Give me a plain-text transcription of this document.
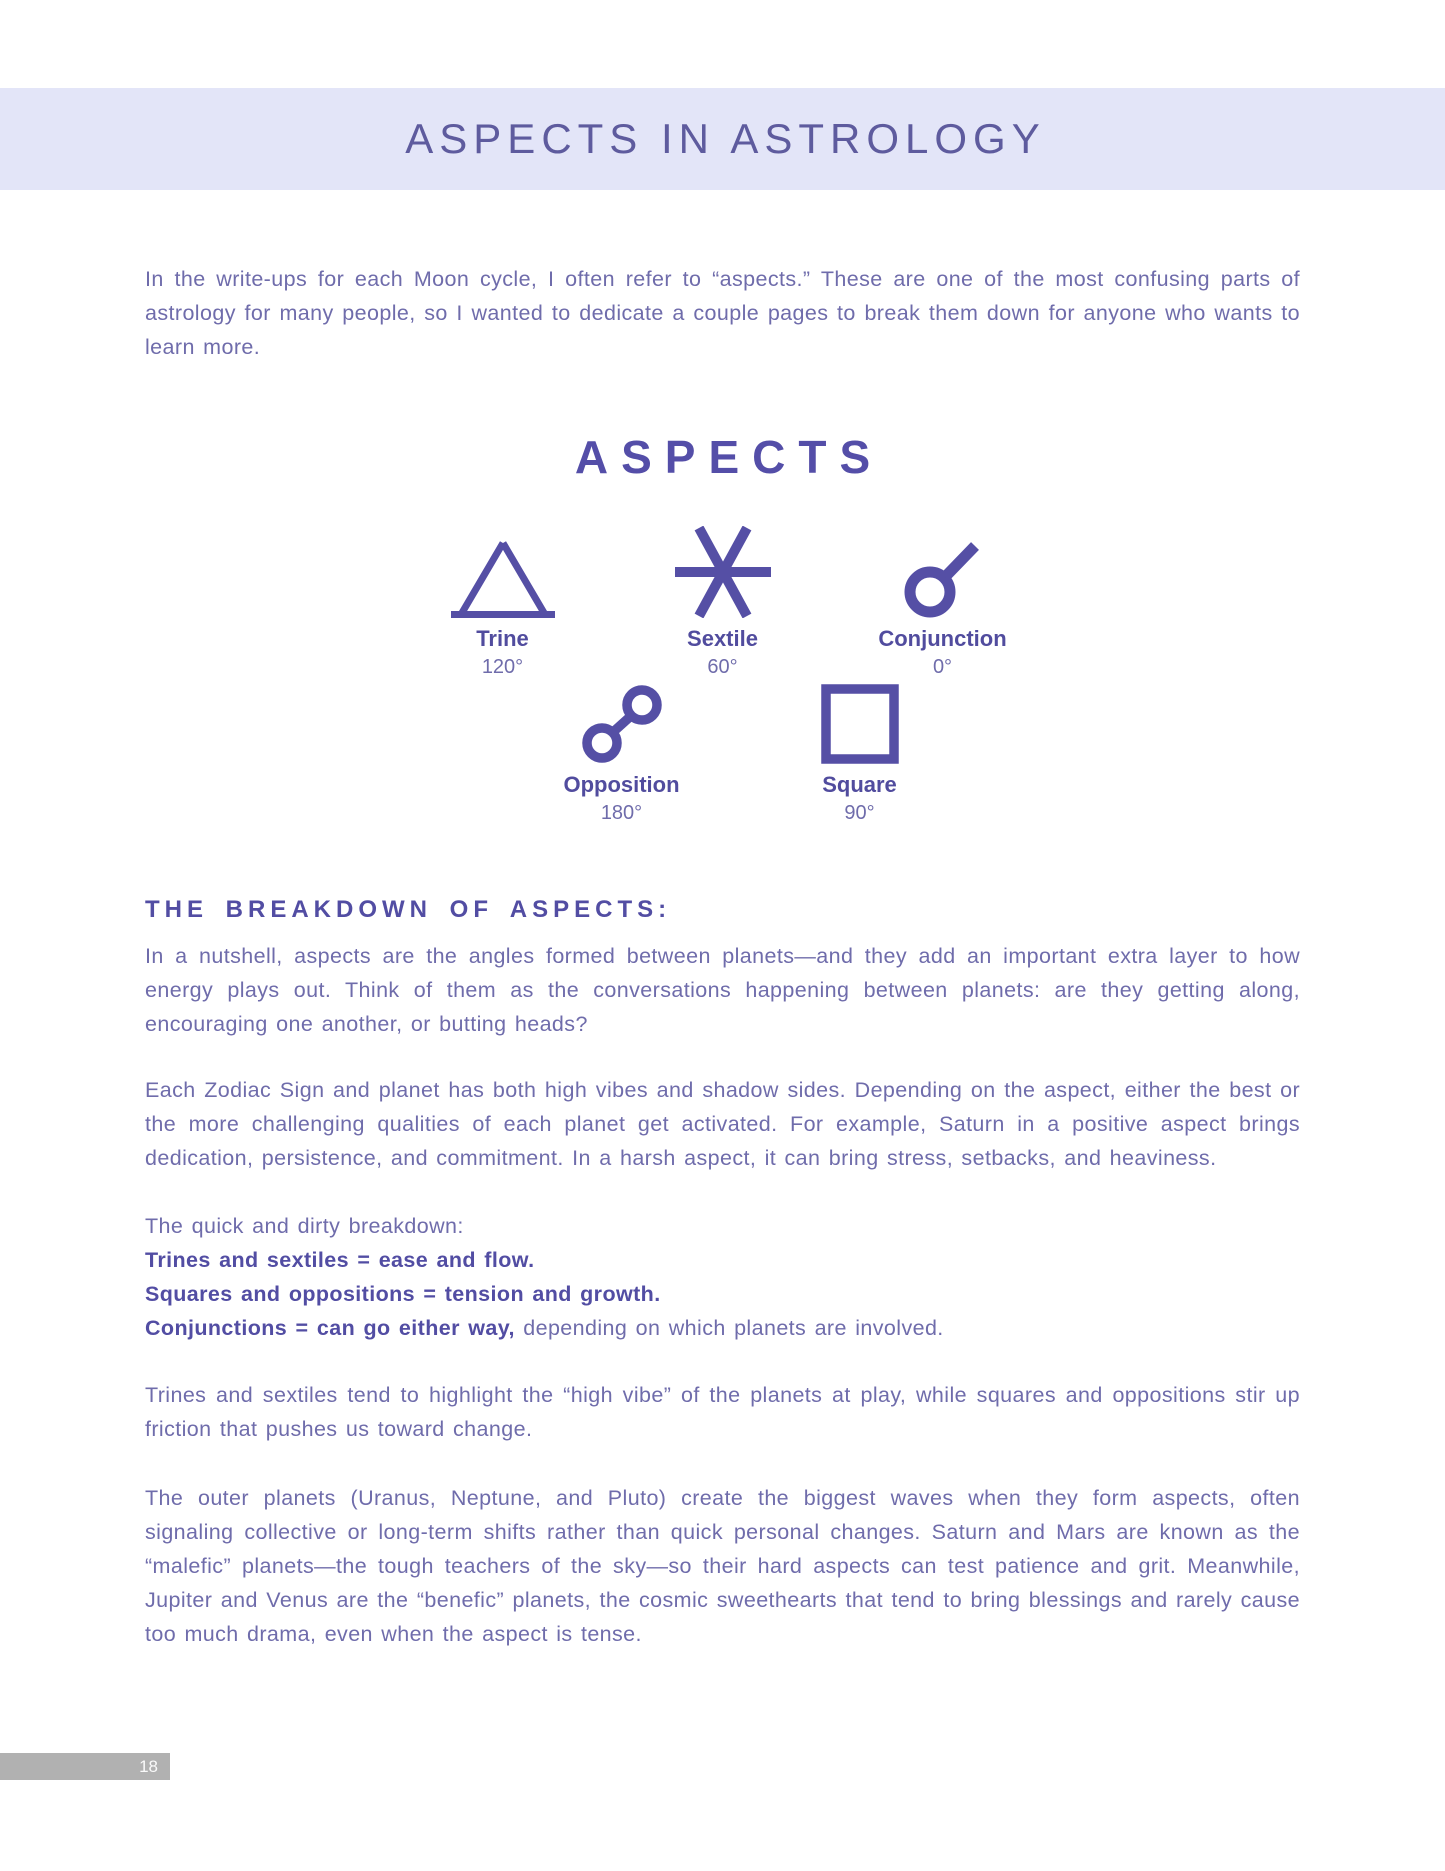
ASPECTS IN ASTROLOGY

In the write-ups for each Moon cycle, I often refer to “aspects.” These are one of the most confusing parts of astrology for many people, so I wanted to dedicate a couple pages to break them down for anyone who wants to learn more.

ASPECTS
Trine
120°
Sextile
60°
Conjunction
0°
Opposition
180°
Square
90°
THE BREAKDOWN OF ASPECTS:

In a nutshell, aspects are the angles formed between planets—and they add an important extra layer to how energy plays out. Think of them as the conversations happening between planets: are they getting along, encouraging one another, or butting heads?

Each Zodiac Sign and planet has both high vibes and shadow sides. Depending on the aspect, either the best or the more challenging qualities of each planet get activated. For example, Saturn in a positive aspect brings dedication, persistence, and commitment. In a harsh aspect, it can bring stress, setbacks, and heaviness.

The quick and dirty breakdown:
Trines and sextiles = ease and flow.
Squares and oppositions = tension and growth.
Conjunctions = can go either way, depending on which planets are involved.

Trines and sextiles tend to highlight the “high vibe” of the planets at play, while squares and oppositions stir up friction that pushes us toward change.

The outer planets (Uranus, Neptune, and Pluto) create the biggest waves when they form aspects, often signaling collective or long-term shifts rather than quick personal changes. Saturn and Mars are known as the “malefic” planets—the tough teachers of the sky—so their hard aspects can test patience and grit. Meanwhile, Jupiter and Venus are the “benefic” planets, the cosmic sweethearts that tend to bring blessings and rarely cause too much drama, even when the aspect is tense.

18
